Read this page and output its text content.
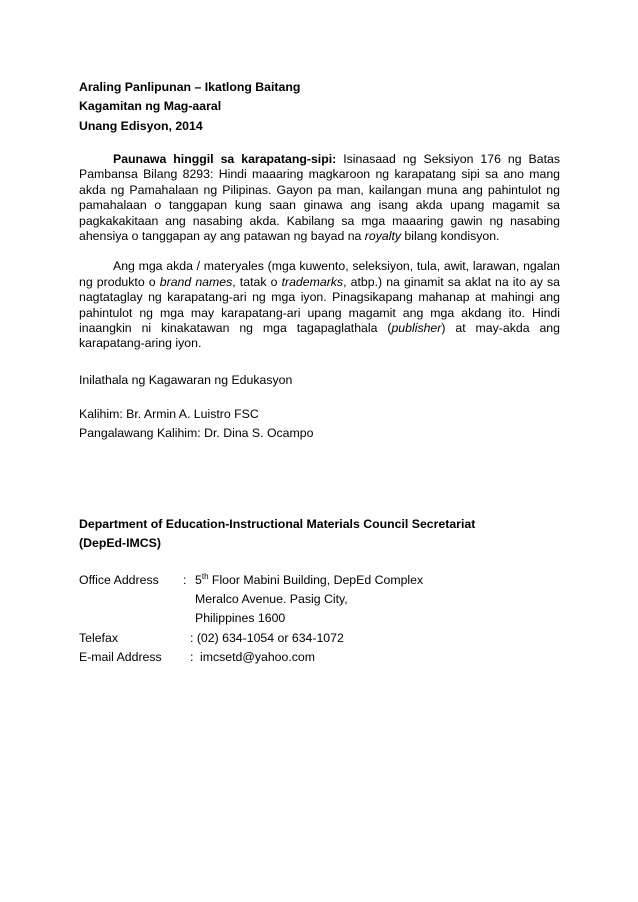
Araling Panlipunan – Ikatlong Baitang
Kagamitan ng Mag-aaral
Unang Edisyon, 2014

Paunawa hinggil sa karapatang-sipi: Isinasaad ng Seksiyon 176 ng Batas Pambansa Bilang 8293: Hindi maaaring magkaroon ng karapatang sipi sa ano mang akda ng Pamahalaan ng Pilipinas. Gayon pa man, kailangan muna ang pahintulot ng pamahalaan o tanggapan kung saan ginawa ang isang akda upang magamit sa pagkakakitaan ang nasabing akda. Kabilang sa mga maaaring gawin ng nasabing ahensiya o tanggapan ay ang patawan ng bayad na royalty bilang kondisyon.

Ang mga akda / materyales (mga kuwento, seleksiyon, tula, awit, larawan, ngalan ng produkto o brand names, tatak o trademarks, atbp.) na ginamit sa aklat na ito ay sa nagtataglay ng karapatang-ari ng mga iyon. Pinagsikapang mahanap at mahingi ang pahintulot ng mga may karapatang-ari upang magamit ang mga akdang ito. Hindi inaangkin ni kinakatawan ng mga tagapaglathala (publisher) at may-akda ang karapatang-aring iyon.

Inilathala ng Kagawaran ng Edukasyon

Kalihim: Br. Armin A. Luistro FSC

Pangalawang Kalihim: Dr. Dina S. Ocampo

Department of Education-Instructional Materials Council Secretariat

(DepEd-IMCS)

Office Address : 5th Floor Mabini Building, DepEd Complex
Meralco Avenue. Pasig City,
Philippines 1600
Telefax	: (02) 634-1054 or 634-1072
E-mail Address : imcsetd@yahoo.com
